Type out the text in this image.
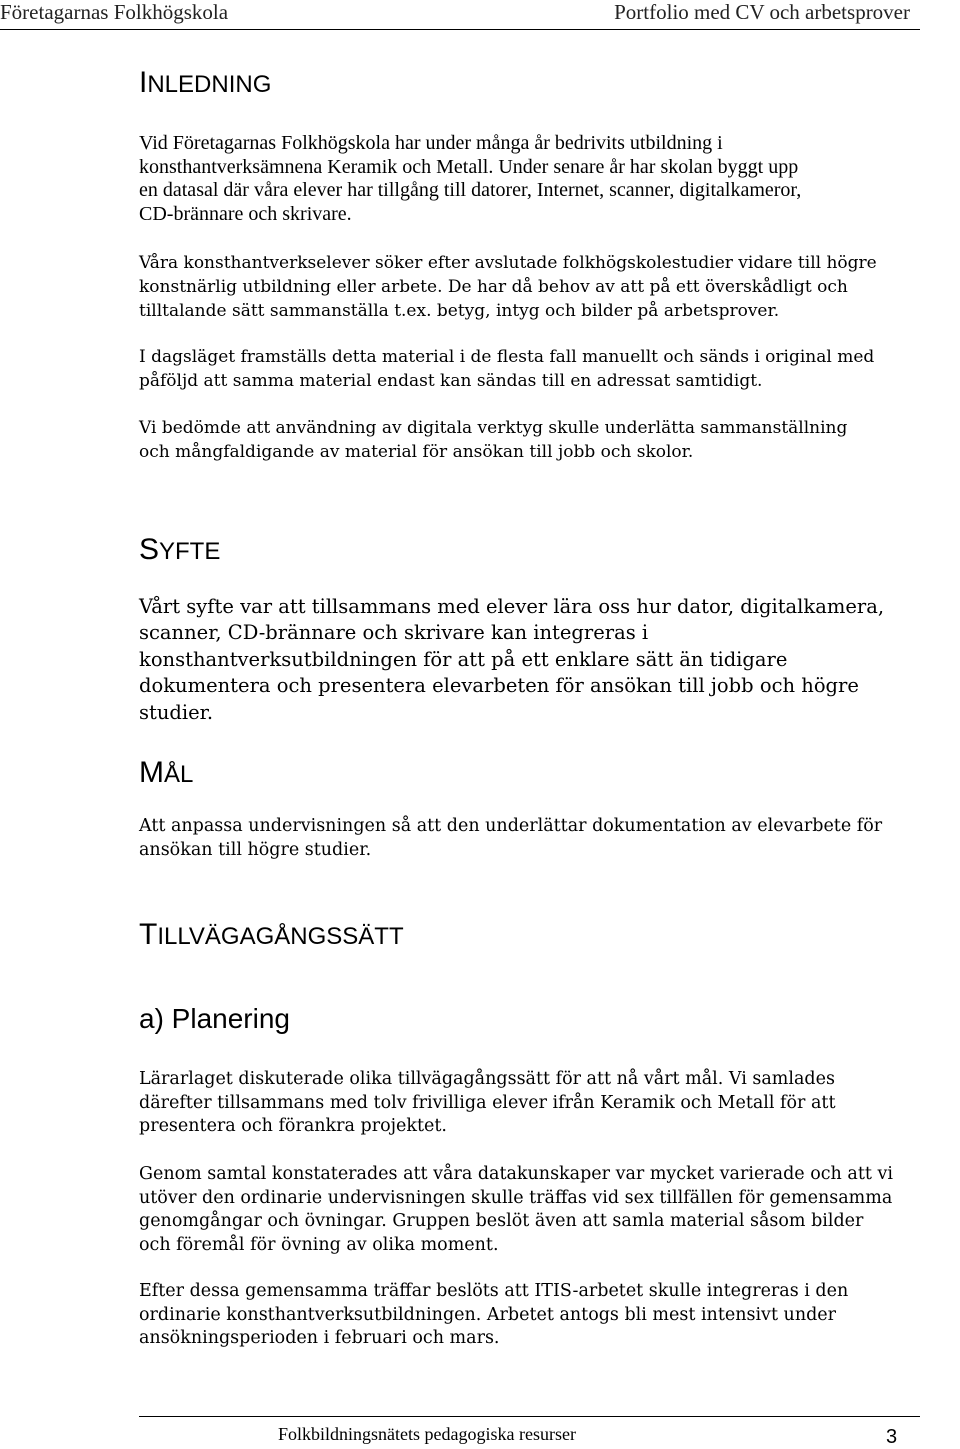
Företagarnas Folkhögskola	Portfolio med CV och arbetsprover
INLEDNING

Vid Företagarnas Folkhögskola har under många år bedrivits utbildning i
konsthantverksämnena Keramik och Metall. Under senare år har skolan byggt upp
en datasal där våra elever har tillgång till datorer, Internet, scanner, digitalkameror,
CD-brännare och skrivare.

Våra konsthantverkselever söker efter avslutade folkhögskolestudier vidare till högre
konstnärlig utbildning eller arbete. De har då behov av att på ett överskådligt och
tilltalande sätt sammanställa t.ex. betyg, intyg och bilder på arbetsprover.

I dagsläget framställs detta material i de flesta fall manuellt och sänds i original med
påföljd att samma material endast kan sändas till en adressat samtidigt.

Vi bedömde att användning av digitala verktyg skulle underlätta sammanställning
och mångfaldigande av material för ansökan till jobb och skolor.

SYFTE

Vårt syfte var att tillsammans med elever lära oss hur dator, digitalkamera,
scanner, CD-brännare och skrivare kan integreras i
konsthantverksutbildningen för att på ett enklare sätt än tidigare
dokumentera och presentera elevarbeten för ansökan till jobb och högre
studier.

MÅL

Att anpassa undervisningen så att den underlättar dokumentation av elevarbete för
ansökan till högre studier.

TILLVÄGAGÅNGSSÄTT
a) Planering

Lärarlaget diskuterade olika tillvägagångssätt för att nå vårt mål. Vi samlades
därefter tillsammans med tolv frivilliga elever ifrån Keramik och Metall för att
presentera och förankra projektet.

Genom samtal konstaterades att våra datakunskaper var mycket varierade och att vi
utöver den ordinarie undervisningen skulle träffas vid sex tillfällen för gemensamma
genomgångar och övningar. Gruppen beslöt även att samla material såsom bilder
och föremål för övning av olika moment.

Efter dessa gemensamma träffar beslöts att ITIS-arbetet skulle integreras i den
ordinarie konsthantverksutbildningen. Arbetet antogs bli mest intensivt under
ansökningsperioden i februari och mars.

Folkbildningsnätets pedagogiska resurser	3
